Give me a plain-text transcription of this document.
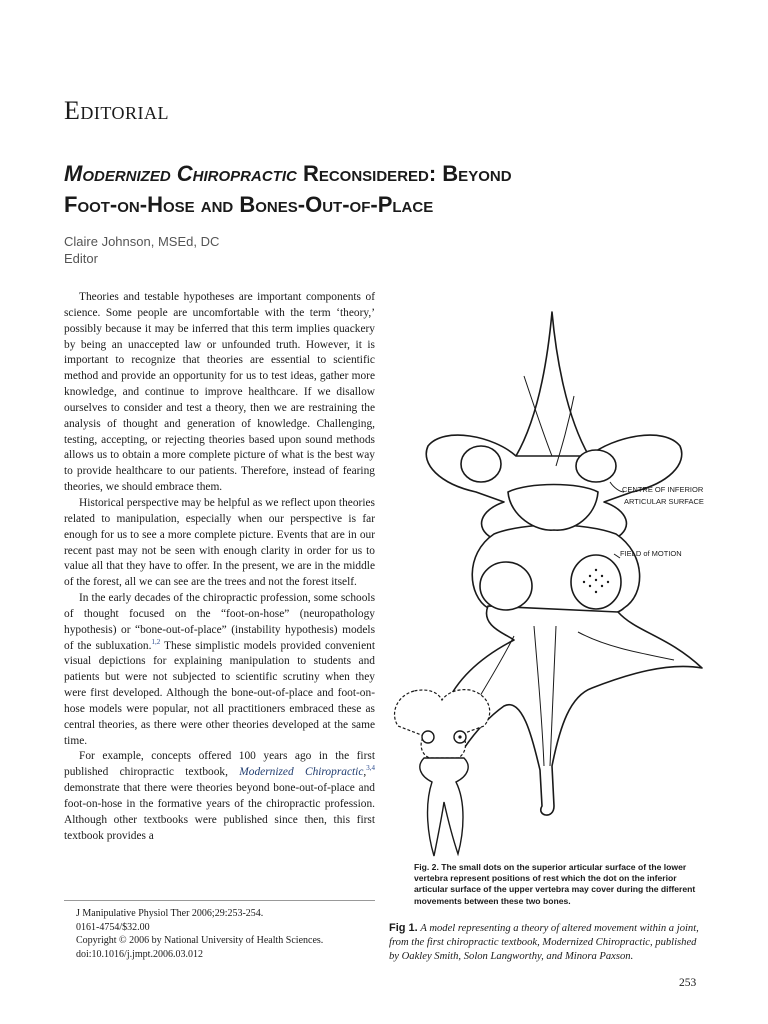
Editorial
Modernized Chiropractic Reconsidered: Beyond
Foot-on-Hose and Bones-Out-of-Place
Claire Johnson, MSEd, DC
Editor

Theories and testable hypotheses are important components of science. Some people are uncomfortable with the term ‘theory,’ possibly because it may be inferred that this term implies quackery by being an unaccepted law or unfounded truth. However, it is important to recognize that theories are essential to scientific method and provide an opportunity for us to test ideas, gather more knowledge, and continue to improve healthcare. If we disallow ourselves to consider and test a theory, then we are restraining the analysis of thought and generation of knowledge. Challenging, testing, accepting, or rejecting theories based upon sound methods allows us to obtain a more complete picture of what is the best way to provide healthcare to our patients. Therefore, instead of fearing theories, we should embrace them.

Historical perspective may be helpful as we reflect upon theories related to manipulation, especially when our perspective is far enough for us to see a more complete picture. Events that are in our recent past may not be seen with enough clarity in order for us to value all that they have to offer. In the present, we are in the middle of the forest, all we can see are the trees and not the forest itself.

In the early decades of the chiropractic profession, some schools of thought focused on the “foot-on-hose” (neuropathology hypothesis) or “bone-out-of-place” (instability hypothesis) models of the subluxation.$^{1,2}$ These simplistic models provided convenient visual depictions for explaining manipulation to students and patients but were not subjected to scientific scrutiny when they were first developed. Although the bone-out-of-place and foot-on-hose models were popular, not all practitioners embraced these as central theories, as there were other theories developed at the same time.

For example, concepts offered 100 years ago in the first published chiropractic textbook, Modernized Chiropractic,$^{3,4}$ demonstrate that there were theories beyond bone-out-of-place and foot-on-hose in the formative years of the chiropractic profession. Although other textbooks were published since then, this first textbook provides a

J Manipulative Physiol Ther 2006;29:253-254.
0161-4754/$32.00
Copyright © 2006 by National University of Health Sciences.
doi:10.1016/j.jmpt.2006.03.012
CENTRE OF INFERIOR
ARTICULAR SURFACE
FIELD of MOTION
Fig. 2. The small dots on the superior articular surface of the lower vertebra represent positions of rest which the dot on the inferior articular surface of the upper vertebra may cover during the different movements between these two bones.
Fig 1. A model representing a theory of altered movement within a joint, from the first chiropractic textbook, Modernized Chiropractic, published by Oakley Smith, Solon Langworthy, and Minora Paxson.
253
